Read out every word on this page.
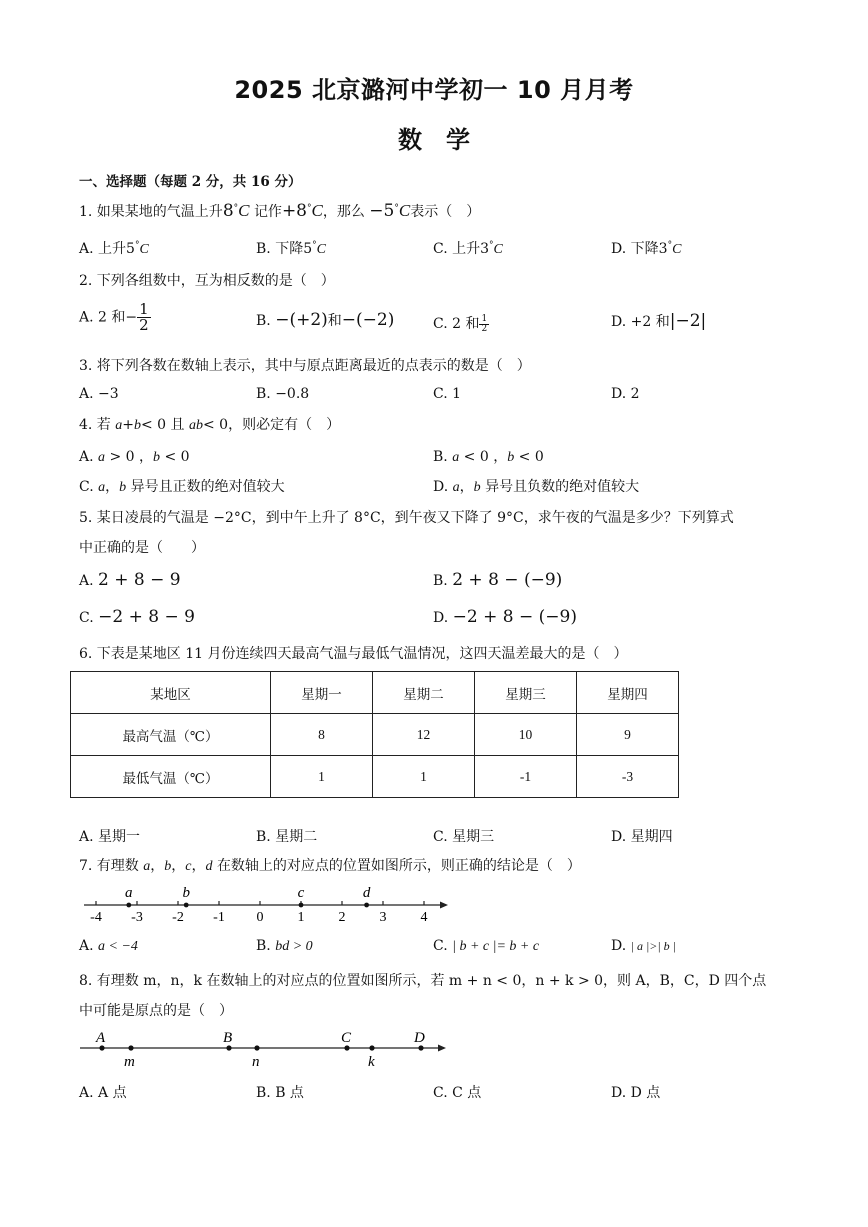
2025 北京潞河中学初一 10 月月考
数　学
一、选择题（每题 2 分，共 16 分）
1. 如果某地的气温上升8°C 记作+8°C，那么 −5°C表示（　）
A. 上升5°C	B. 下降5°C	C. 上升3°C	D. 下降3°C
2. 下列各组数中，互为相反数的是（　）
A. 2 和− $\frac{1}{2}$	B. −(+2)和−(−2)	C. 2 和 $\frac{1}{2}$	D. +2 和|−2|
3. 将下列各数在数轴上表示，其中与原点距离最近的点表示的数是（　）
A. −3	B. −0.8	C. 1	D. 2
4. 若 a+b< 0 且 ab< 0，则必定有（　）
A. a > 0 ，b < 0	B. a < 0 ，b < 0
C. a，b 异号且正数的绝对值较大	D. a，b 异号且负数的绝对值较大
5. 某日凌晨的气温是 −2°C，到中午上升了 8°C，到午夜又下降了 9°C，求午夜的气温是多少？下列算式
中正确的是（　　）
A. 2 + 8 − 9	B. 2 + 8 − (−9)
C. −2 + 8 − 9	D. −2 + 8 − (−9)
6. 下表是某地区 11 月份连续四天最高气温与最低气温情况，这四天温差最大的是（　）
某地区	星期一	星期二	星期三	星期四
最高气温（℃）	8	12	10	9
最低气温（℃）	1	1	-1	-3
A. 星期一	B. 星期二	C. 星期三	D. 星期四
7. 有理数 a，b，c，d 在数轴上的对应点的位置如图所示，则正确的结论是（　）
-4 -3 -2 -1 0 1 2 3 4
a	b	c	d
A. a < −4	B. bd > 0	C. | b + c |= b + c	D. | a |>| b |
8. 有理数 m，n，k 在数轴上的对应点的位置如图所示，若 m + n < 0，n + k > 0，则 A，B，C，D 四个点
中可能是原点的是（　）
A	B	C	D
m	n	k
A. A 点	B. B 点	C. C 点	D. D 点
